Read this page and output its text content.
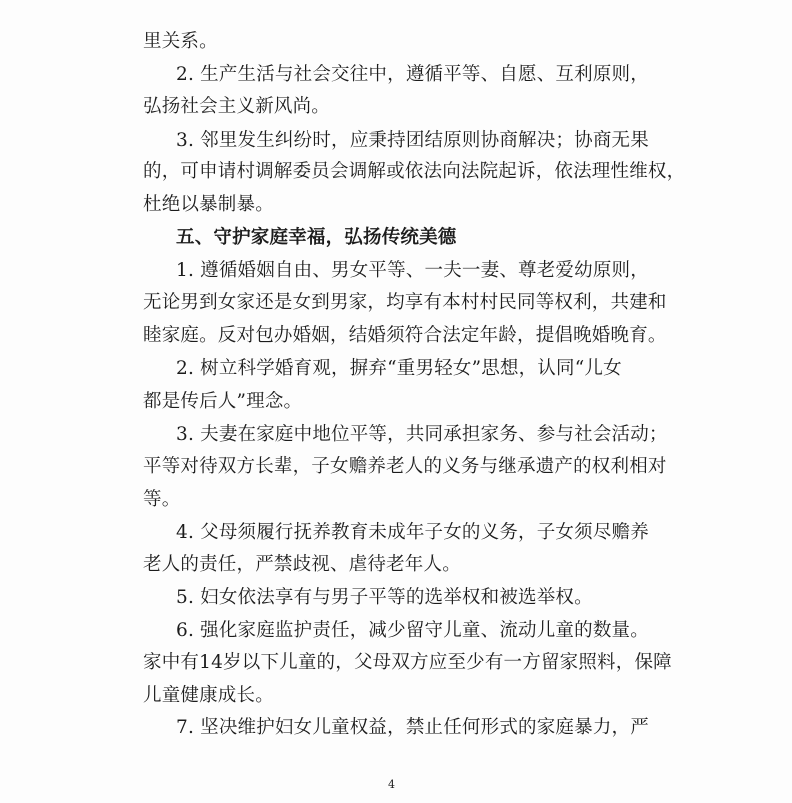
里关系。
2. 生产生活与社会交往中，遵循平等、自愿、互利原则，
弘扬社会主义新风尚。
3. 邻里发生纠纷时，应秉持团结原则协商解决；协商无果
的，可申请村调解委员会调解或依法向法院起诉，依法理性维权，
杜绝以暴制暴。
五、守护家庭幸福，弘扬传统美德
1. 遵循婚姻自由、男女平等、一夫一妻、尊老爱幼原则，
无论男到女家还是女到男家，均享有本村村民同等权利，共建和
睦家庭。反对包办婚姻，结婚须符合法定年龄，提倡晚婚晚育。
2. 树立科学婚育观，摒弃“重男轻女”思想，认同“儿女
都是传后人”理念。
3. 夫妻在家庭中地位平等，共同承担家务、参与社会活动；
平等对待双方长辈，子女赡养老人的义务与继承遗产的权利相对
等。
4. 父母须履行抚养教育未成年子女的义务，子女须尽赡养
老人的责任，严禁歧视、虐待老年人。
5. 妇女依法享有与男子平等的选举权和被选举权。
6. 强化家庭监护责任，减少留守儿童、流动儿童的数量。
家中有14岁以下儿童的，父母双方应至少有一方留家照料，保障
儿童健康成长。
7. 坚决维护妇女儿童权益，禁止任何形式的家庭暴力，严
4
